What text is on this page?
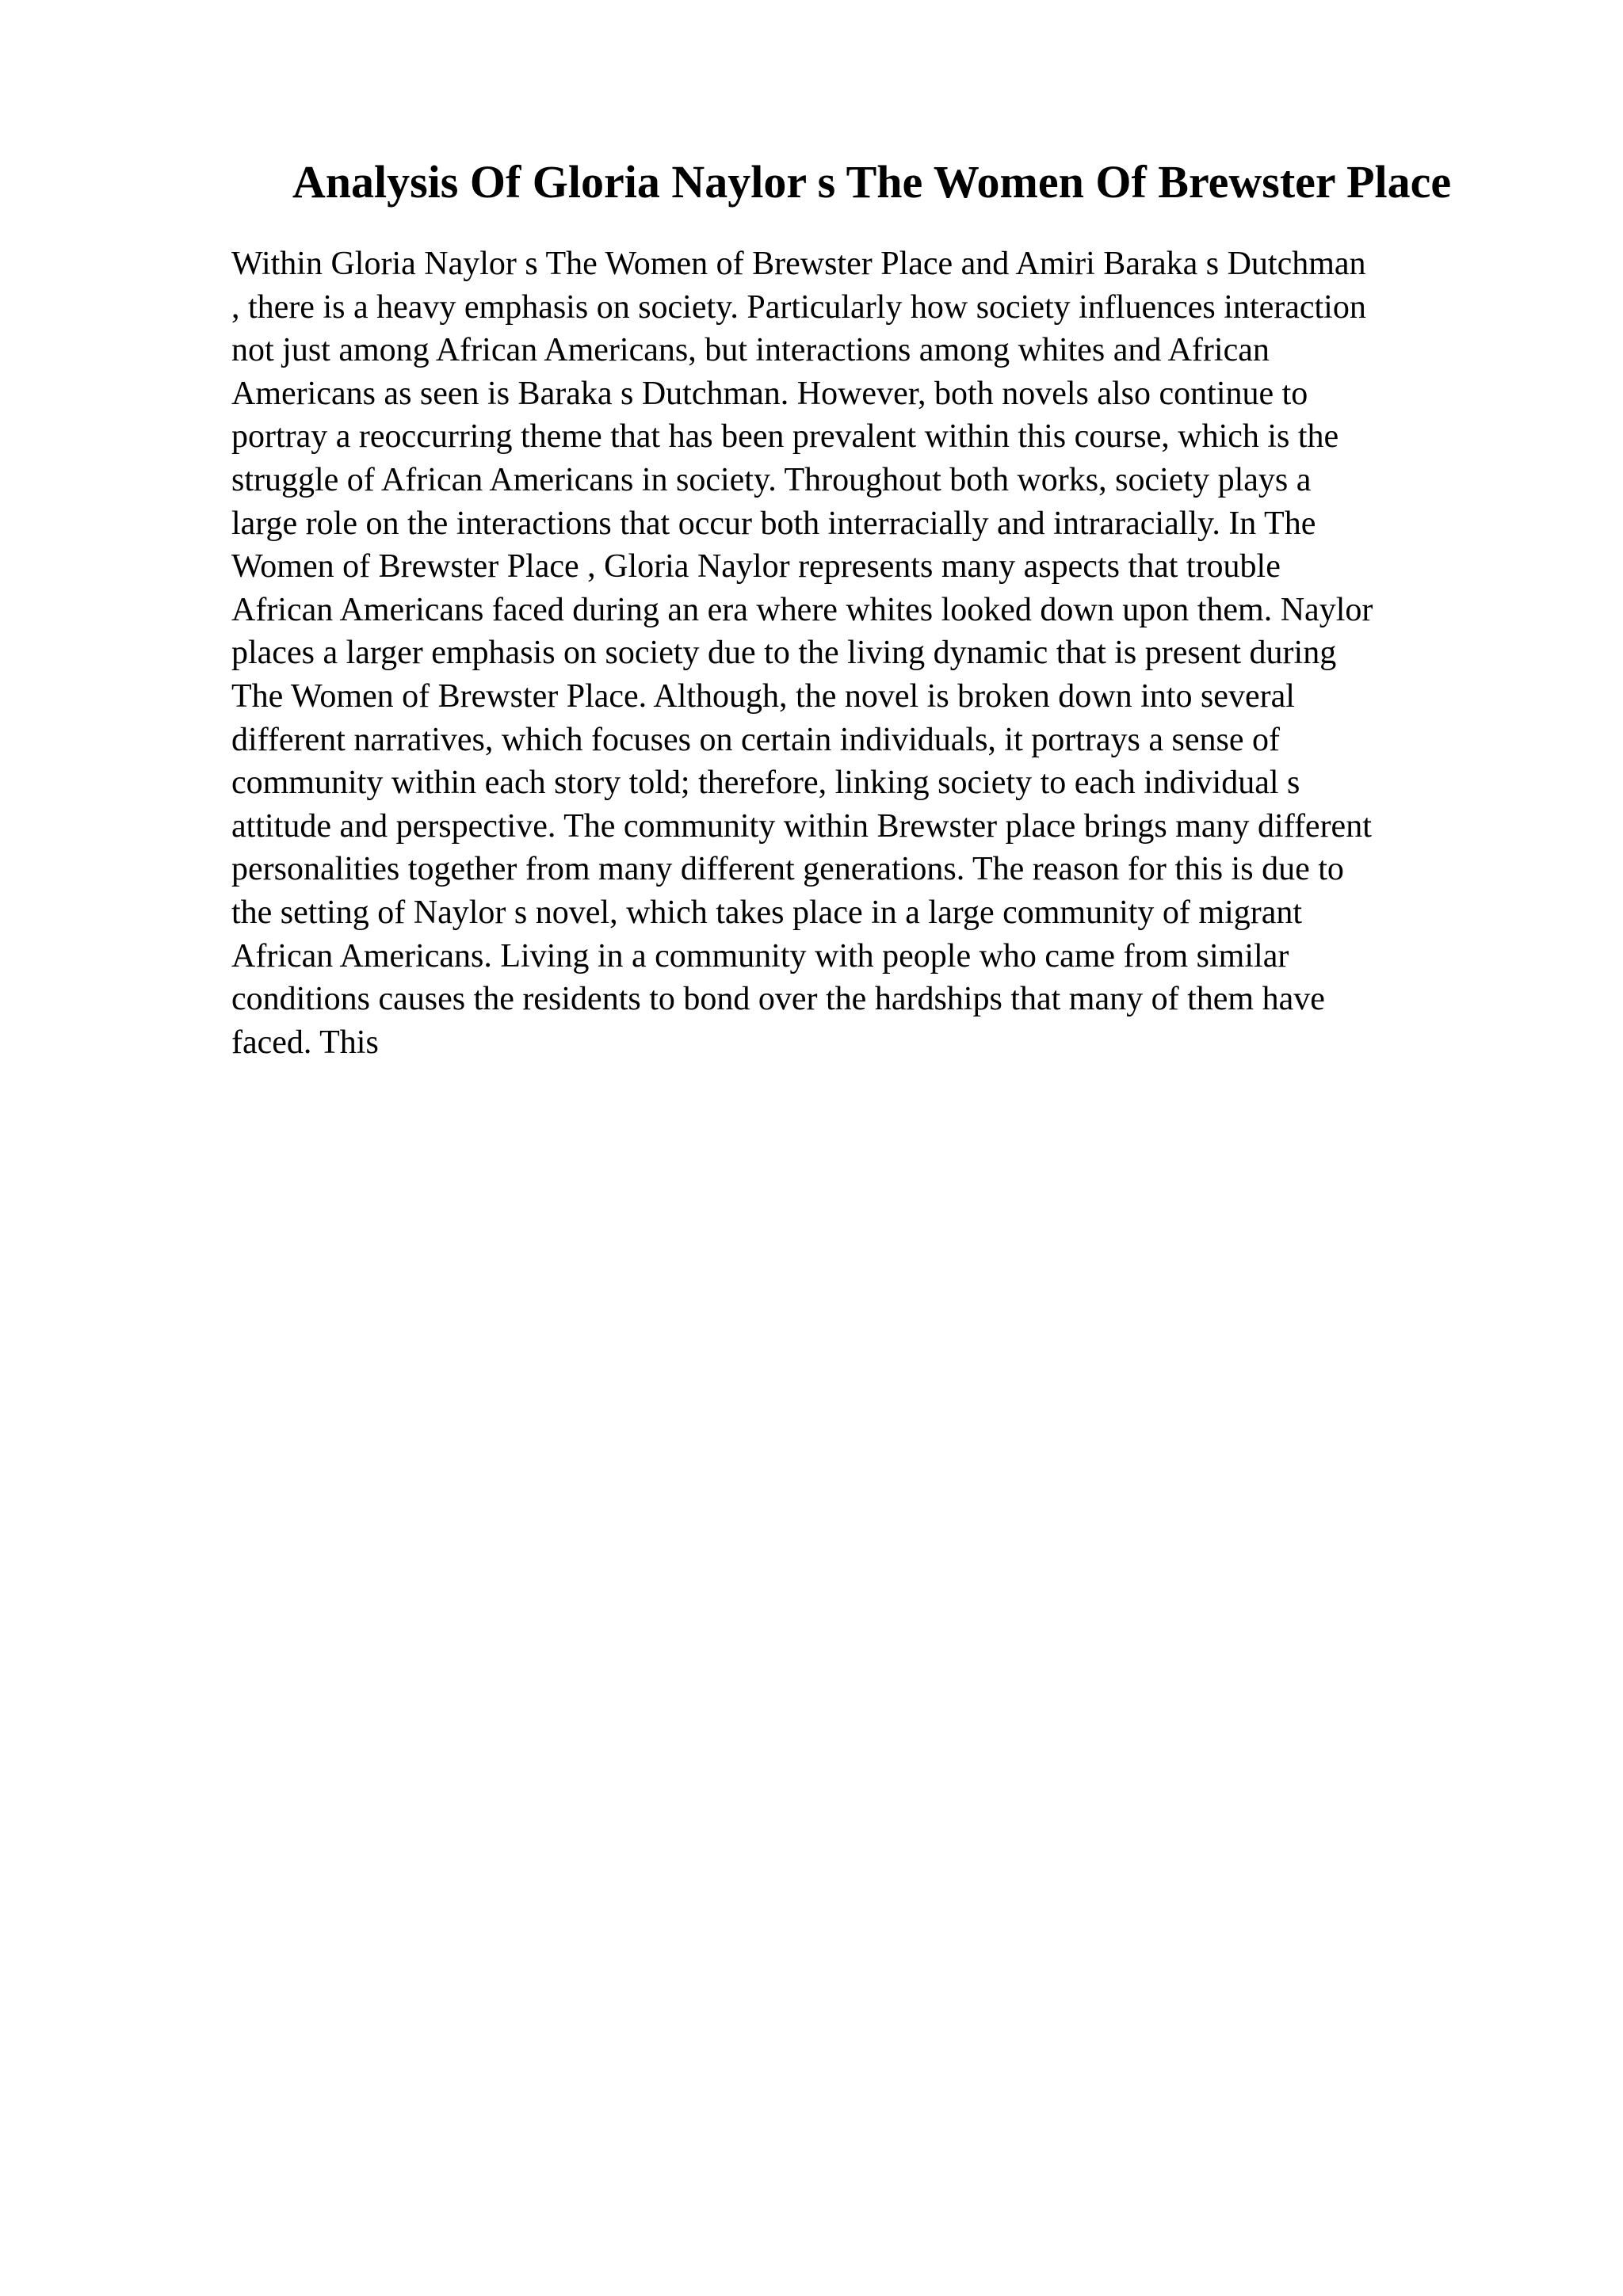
Analysis Of Gloria Naylor s The Women Of Brewster Place
Within Gloria Naylor s The Women of Brewster Place and Amiri Baraka s Dutchman
, there is a heavy emphasis on society. Particularly how society influences interaction
not just among African Americans, but interactions among whites and African
Americans as seen is Baraka s Dutchman. However, both novels also continue to
portray a reoccurring theme that has been prevalent within this course, which is the
struggle of African Americans in society. Throughout both works, society plays a
large role on the interactions that occur both interracially and intraracially. In The
Women of Brewster Place , Gloria Naylor represents many aspects that trouble
African Americans faced during an era where whites looked down upon them. Naylor
places a larger emphasis on society due to the living dynamic that is present during
The Women of Brewster Place. Although, the novel is broken down into several
different narratives, which focuses on certain individuals, it portrays a sense of
community within each story told; therefore, linking society to each individual s
attitude and perspective. The community within Brewster place brings many different
personalities together from many different generations. The reason for this is due to
the setting of Naylor s novel, which takes place in a large community of migrant
African Americans. Living in a community with people who came from similar
conditions causes the residents to bond over the hardships that many of them have
faced. This
